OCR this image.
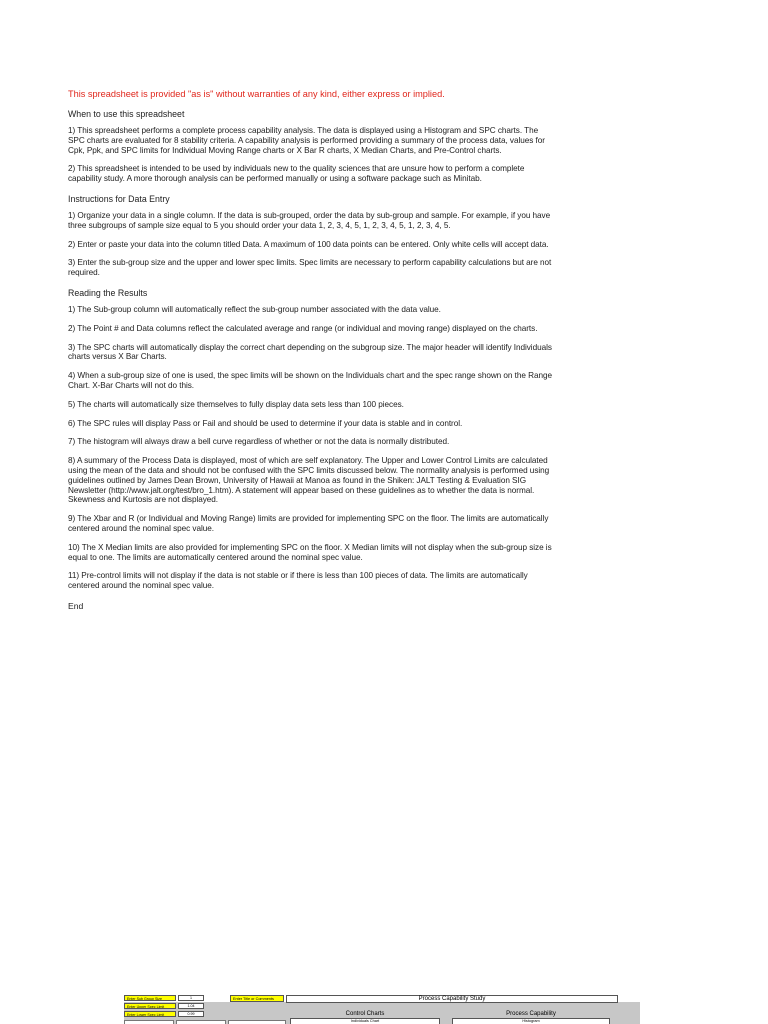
This spreadsheet is provided "as is" without warranties of any kind, either express or implied.

When to use this spreadsheet

1) This spreadsheet performs a complete process capability analysis. The data is displayed using a Histogram and SPC charts. The SPC charts are evaluated for 8 stability criteria. A capability analysis is performed providing a summary of the process data, values for Cpk, Ppk, and SPC limits for Individual Moving Range charts or X Bar R charts, X Median Charts, and Pre-Control charts.

2) This spreadsheet is intended to be used by individuals new to the quality sciences that are unsure how to perform a complete capability study. A more thorough analysis can be performed manually or using a software package such as Minitab.

Instructions for Data Entry

1) Organize your data in a single column. If the data is sub-grouped, order the data by sub-group and sample. For example, if you have three subgroups of sample size equal to 5 you should order your data 1, 2, 3, 4, 5, 1, 2, 3, 4, 5, 1, 2, 3, 4, 5.

2) Enter or paste your data into the column titled Data. A maximum of 100 data points can be entered. Only white cells will accept data.

3) Enter the sub-group size and the upper and lower spec limits. Spec limits are necessary to perform capability calculations but are not required.

Reading the Results

1) The Sub-group column will automatically reflect the sub-group number associated with the data value.

2) The Point # and Data columns reflect the calculated average and range (or individual and moving range) displayed on the charts.

3) The SPC charts will automatically display the correct chart depending on the subgroup size. The major header will identify Individuals charts versus X Bar Charts.

4) When a sub-group size of one is used, the spec limits will be shown on the Individuals chart and the spec range shown on the Range Chart. X-Bar Charts will not do this.

5) The charts will automatically size themselves to fully display data sets less than 100 pieces.

6) The SPC rules will display Pass or Fail and should be used to determine if your data is stable and in control.

7) The histogram will always draw a bell curve regardless of whether or not the data is normally distributed.

8) A summary of the Process Data is displayed, most of which are self explanatory. The Upper and Lower Control Limits are calculated using the mean of the data and should not be confused with the SPC limits discussed below. The normality analysis is performed using guidelines outlined by James Dean Brown, University of Hawaii at Manoa as found in the Shiken: JALT Testing & Evaluation SIG Newsletter (http://www.jalt.org/test/bro_1.htm). A statement will appear based on these guidelines as to whether the data is normal. Skewness and Kurtosis are not displayed.

9) The Xbar and R (or Individual and Moving Range) limits are provided for implementing SPC on the floor. The limits are automatically centered around the nominal spec value.

10) The X Median limits are also provided for implementing SPC on the floor. X Median limits will not display when the sub-group size is equal to one. The limits are automatically centered around the nominal spec value.

11) Pre-control limits will not display if the data is not stable or if there is less than 100 pieces of data. The limits are automatically centered around the nominal spec value.

End

Enter Sub Group Size	1
Enter Upper Spec Limit	1.04
Enter Lower Spec Limit	0.99
Enter Title or Comments	Process Capability Study
Control Charts
Individuals Chart
Process Capability
Histogram
